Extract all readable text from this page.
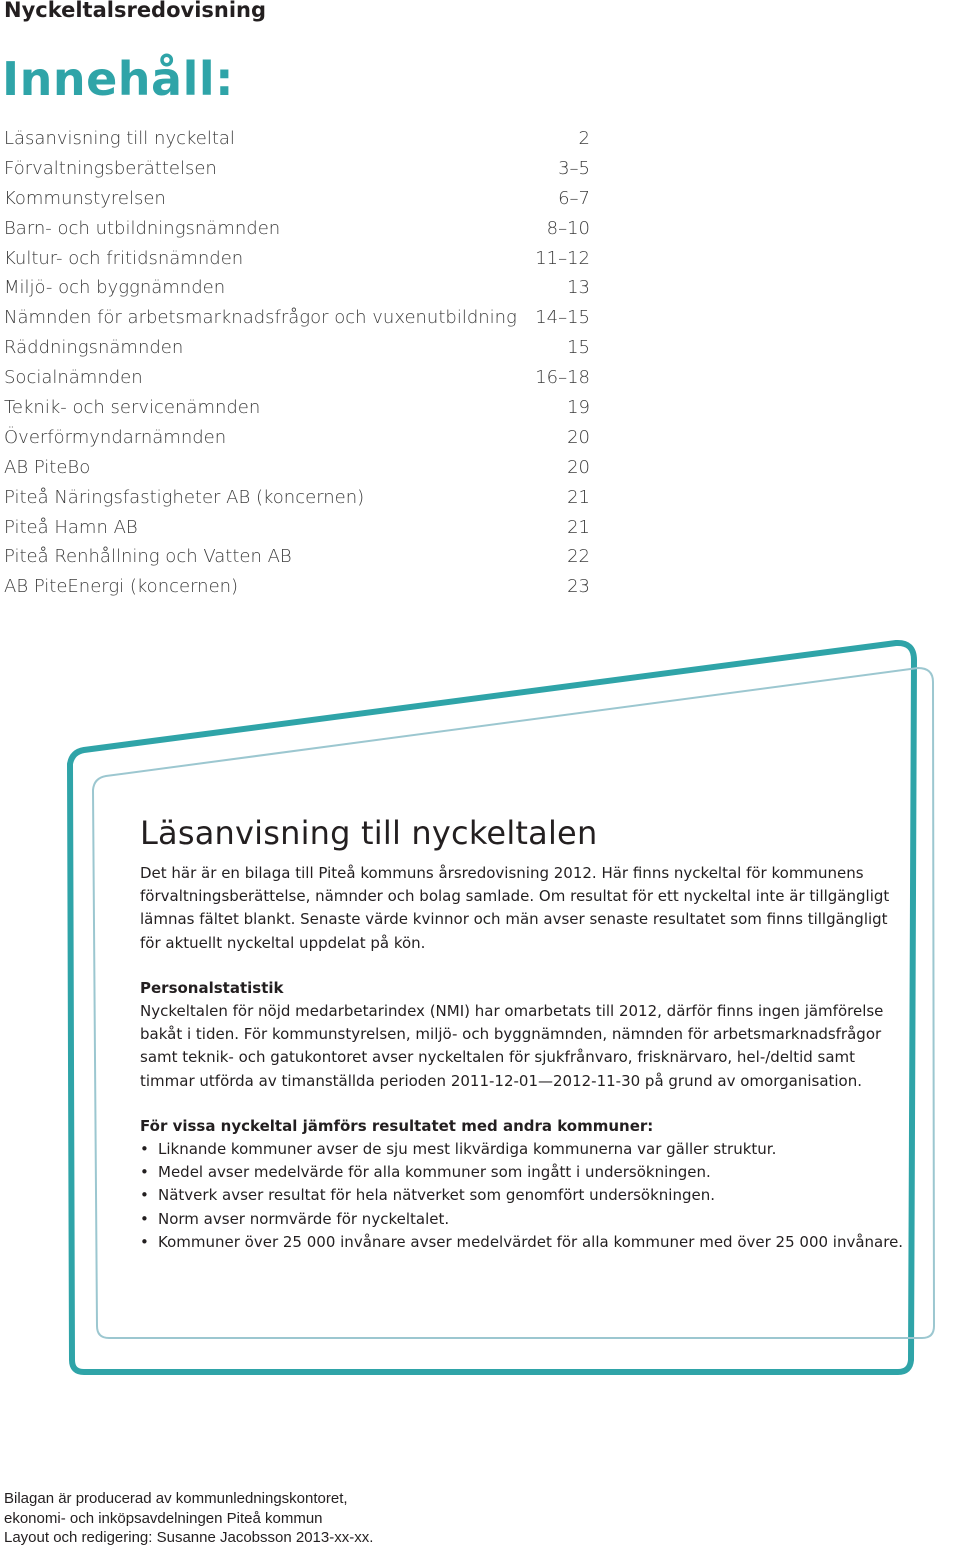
Nyckeltalsredovisning
Innehåll:
Läsanvisning till nyckeltal	2
Förvaltningsberättelsen	3–5
Kommunstyrelsen	6–7
Barn- och utbildningsnämnden	8–10
Kultur- och fritidsnämnden	11–12
Miljö- och byggnämnden	13
Nämnden för arbetsmarknadsfrågor och vuxenutbildning 14–15
Räddningsnämnden	15
Socialnämnden	16–18
Teknik- och servicenämnden	19
Överförmyndarnämnden	20
AB PiteBo	20
Piteå Näringsfastigheter AB (koncernen)	21
Piteå Hamn AB	21
Piteå Renhållning och Vatten AB	22
AB PiteEnergi (koncernen)	23
Läsanvisning till nyckeltalen
Det här är en bilaga till Piteå kommuns årsredovisning 2012. Här finns nyckeltal för kommunens förvaltningsberättelse, nämnder och bolag samlade. Om resultat för ett nyckeltal inte är tillgängligt lämnas fältet blankt. Senaste värde kvinnor och män avser senaste resultatet som finns tillgängligt för aktuellt nyckeltal uppdelat på kön.
Personalstatistik
Nyckeltalen för nöjd medarbetarindex (NMI) har omarbetats till 2012, därför finns ingen jämförelse bakåt i tiden. För kommunstyrelsen, miljö- och byggnämnden, nämnden för arbetsmarknadsfrågor samt teknik- och gatukontoret avser nyckeltalen för sjukfrånvaro, frisknärvaro, hel-/deltid samt timmar utförda av timanställda perioden 2011-12-01—2012-11-30 på grund av omorganisation.
För vissa nyckeltal jämförs resultatet med andra kommuner:
• Liknande kommuner avser de sju mest likvärdiga kommunerna var gäller struktur.
• Medel avser medelvärde för alla kommuner som ingått i undersökningen.
• Nätverk avser resultat för hela nätverket som genomfört undersökningen.
• Norm avser normvärde för nyckeltalet.
• Kommuner över 25 000 invånare avser medelvärdet för alla kommuner med över 25 000 invånare.
Bilagan är producerad av kommunledningskontoret,
ekonomi- och inköpsavdelningen Piteå kommun
Layout och redigering: Susanne Jacobsson 2013-xx-xx.
